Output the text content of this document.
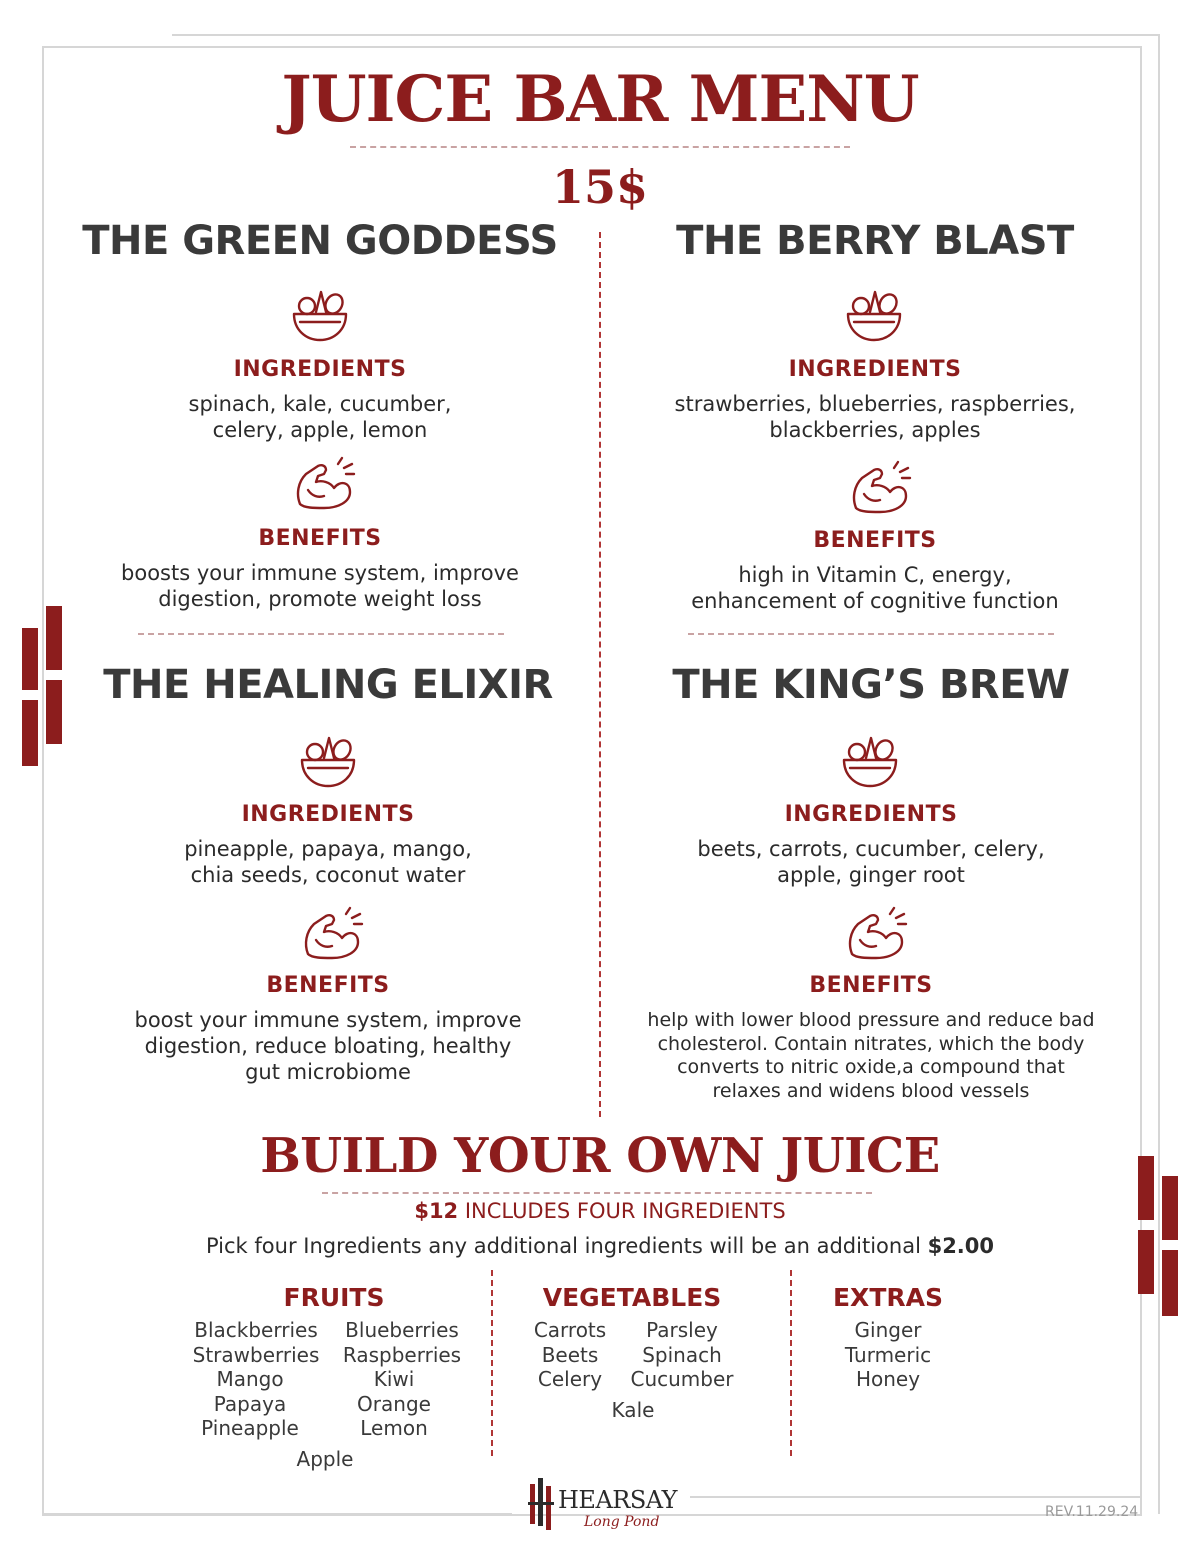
JUICE BAR MENU
15$
THE GREEN GODDESS
INGREDIENTS
spinach, kale, cucumber,
celery, apple, lemon
BENEFITS
boosts your immune system, improve
digestion, promote weight loss
THE BERRY BLAST
INGREDIENTS
strawberries, blueberries, raspberries,
blackberries, apples
BENEFITS
high in Vitamin C, energy,
enhancement of cognitive function
THE HEALING ELIXIR
INGREDIENTS
pineapple, papaya, mango,
chia seeds, coconut water
BENEFITS
boost your immune system, improve
digestion, reduce bloating, healthy
gut microbiome
THE KING’S BREW
INGREDIENTS
beets, carrots, cucumber, celery,
apple, ginger root
BENEFITS
help with lower blood pressure and reduce bad
cholesterol. Contain nitrates, which the body
converts to nitric oxide,a compound that
relaxes and widens blood vessels
BUILD YOUR OWN JUICE
$12 INCLUDES FOUR INGREDIENTS
Pick four Ingredients any additional ingredients will be an additional $2.00
FRUITS
Blackberries	Blueberries
Strawberries	Raspberries
Mango	Kiwi
Papaya	Orange
Pineapple	Lemon
Apple
VEGETABLES
Carrots	Parsley
Beets	Spinach
Celery	Cucumber
Kale
EXTRAS
Ginger
Turmeric
Honey
HEARSAY
Long Pond
REV.11.29.24
